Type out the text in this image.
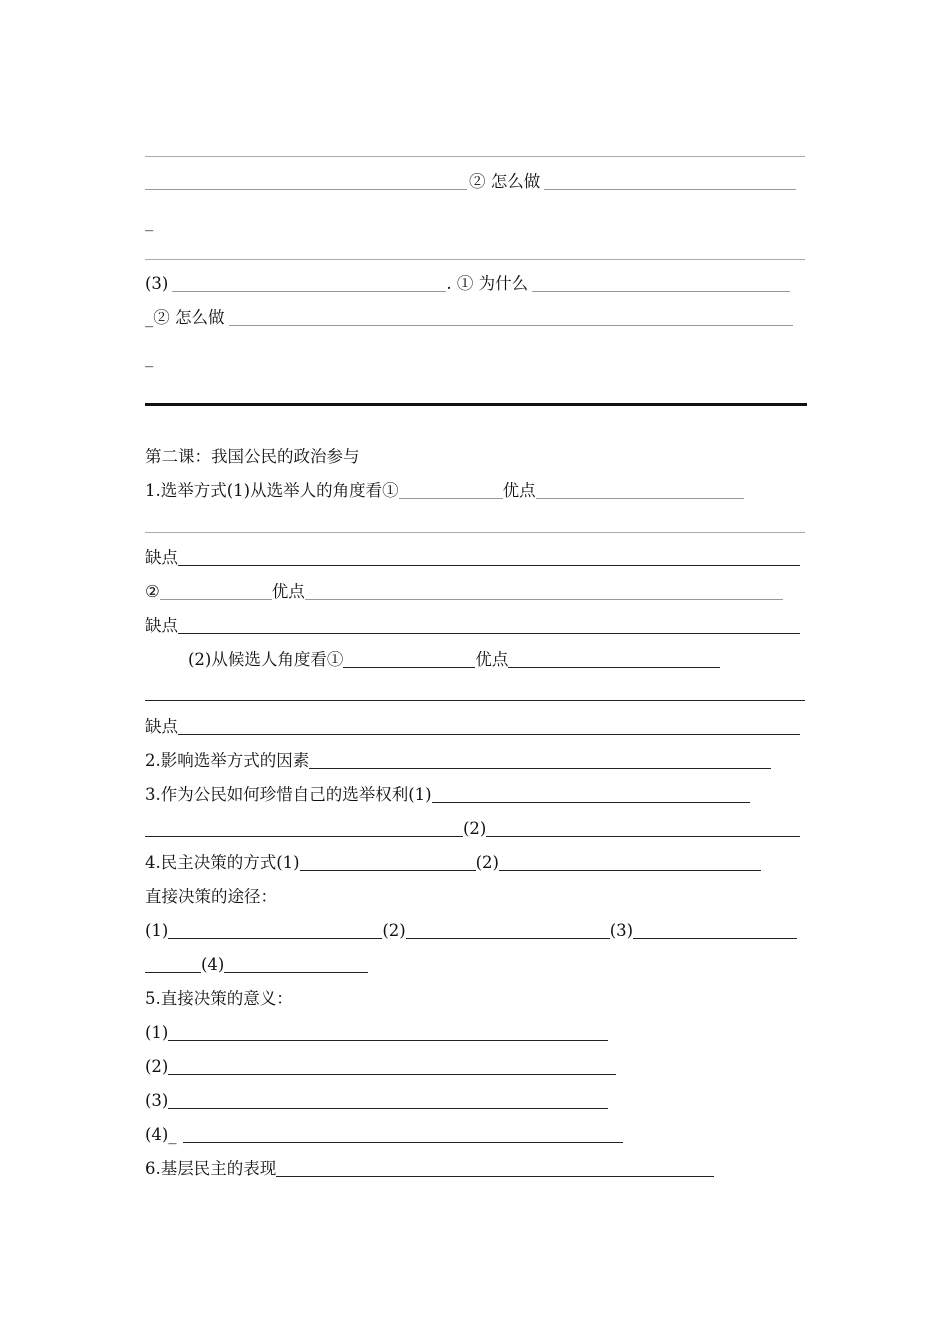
② 怎么做
_
(3)	. ① 为什么
_② 怎么做
_
第二课：我国公民的政治参与
1.选举方式(1)从选举人的角度看①	优点
缺点
②	优点
缺点
(2)从候选人角度看①	优点
缺点
2.影响选举方式的因素
3.作为公民如何珍惜自己的选举权利(1)
(2)
4.民主决策的方式(1)	(2)
直接决策的途径：
(1)	(2)	(3)
(4)
5.直接决策的意义：
(1)
(2)
(3)
(4)_
6.基层民主的表现
